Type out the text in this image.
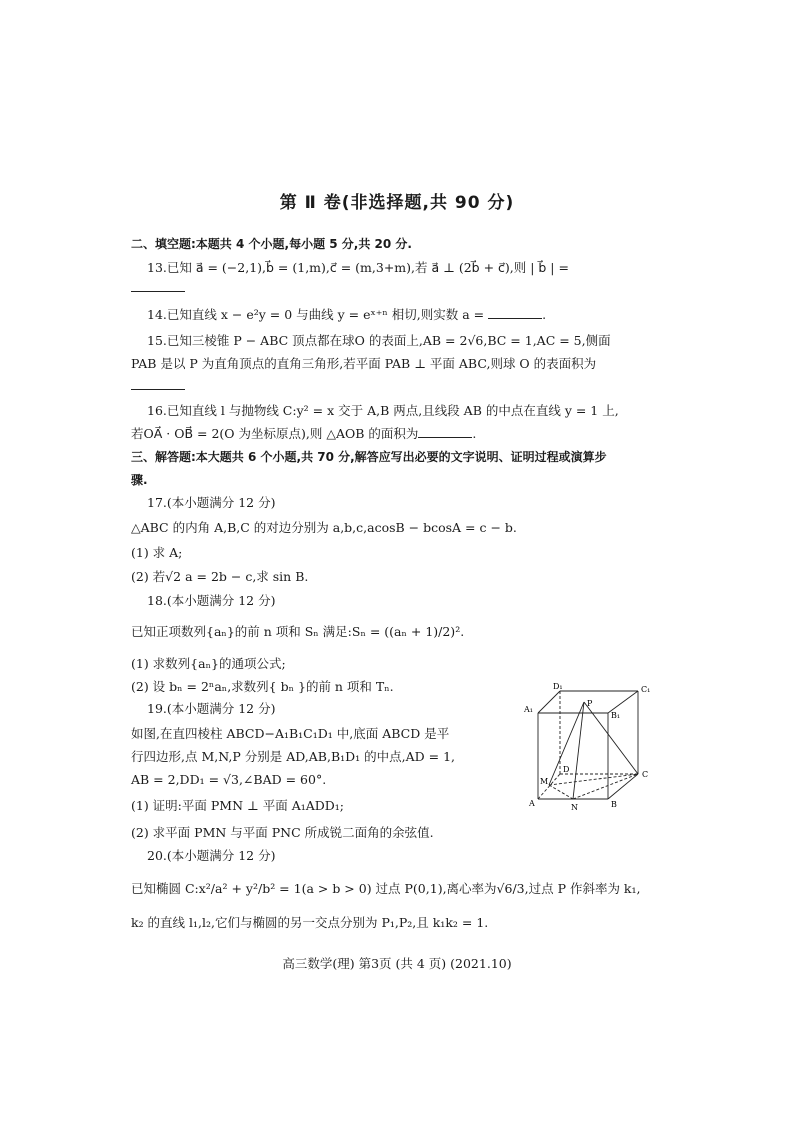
第 Ⅱ 卷(非选择题,共 90 分)
二、填空题:本题共 4 个小题,每小题 5 分,共 20 分.
13.已知 a⃗ = (−2,1),b⃗ = (1,m),c⃗ = (m,3+m),若 a⃗ ⊥ (2b⃗ + c⃗),则 | b⃗ | =
14.已知直线 x − e²y = 0 与曲线 y = eˣ⁺ⁿ 相切,则实数 a =	.
15.已知三棱锥 P − ABC 顶点都在球O 的表面上,AB = 2√6,BC = 1,AC = 5,侧面
PAB 是以 P 为直角顶点的直角三角形,若平面 PAB ⊥ 平面 ABC,则球 O 的表面积为
16.已知直线 l 与抛物线 C:y² = x 交于 A,B 两点,且线段 AB 的中点在直线 y = 1 上,
若OA⃗ · OB⃗ = 2(O 为坐标原点),则 △AOB 的面积为	.
三、解答题:本大题共 6 个小题,共 70 分,解答应写出必要的文字说明、证明过程或演算步
骤.
17.(本小题满分 12 分)
△ABC 的内角 A,B,C 的对边分别为 a,b,c,acosB − bcosA = c − b.
(1) 求 A;
(2) 若√2 a = 2b − c,求 sin B.
18.(本小题满分 12 分)
已知正项数列{aₙ}的前 n 项和 Sₙ 满足:Sₙ = ((aₙ + 1)/2)².
(1) 求数列{aₙ}的通项公式;
(2) 设 bₙ = 2ⁿaₙ,求数列{ bₙ }的前 n 项和 Tₙ.
19.(本小题满分 12 分)
如图,在直四棱柱 ABCD−A₁B₁C₁D₁ 中,底面 ABCD 是平
行四边形,点 M,N,P 分别是 AD,AB,B₁D₁ 的中点,AD = 1,
AB = 2,DD₁ = √3,∠BAD = 60°.
(1) 证明:平面 PMN ⊥ 平面 A₁ADD₁;
(2) 求平面 PMN 与平面 PNC 所成锐二面角的余弦值.
D₁	C₁
A₁
B₁
P
D
M
C
A	N	B
20.(本小题满分 12 分)
已知椭圆 C:x²/a² + y²/b² = 1(a > b > 0) 过点 P(0,1),离心率为√6/3,过点 P 作斜率为 k₁,
k₂ 的直线 l₁,l₂,它们与椭圆的另一交点分别为 P₁,P₂,且 k₁k₂ = 1.
高三数学(理) 第3页 (共 4 页) (2021.10)
